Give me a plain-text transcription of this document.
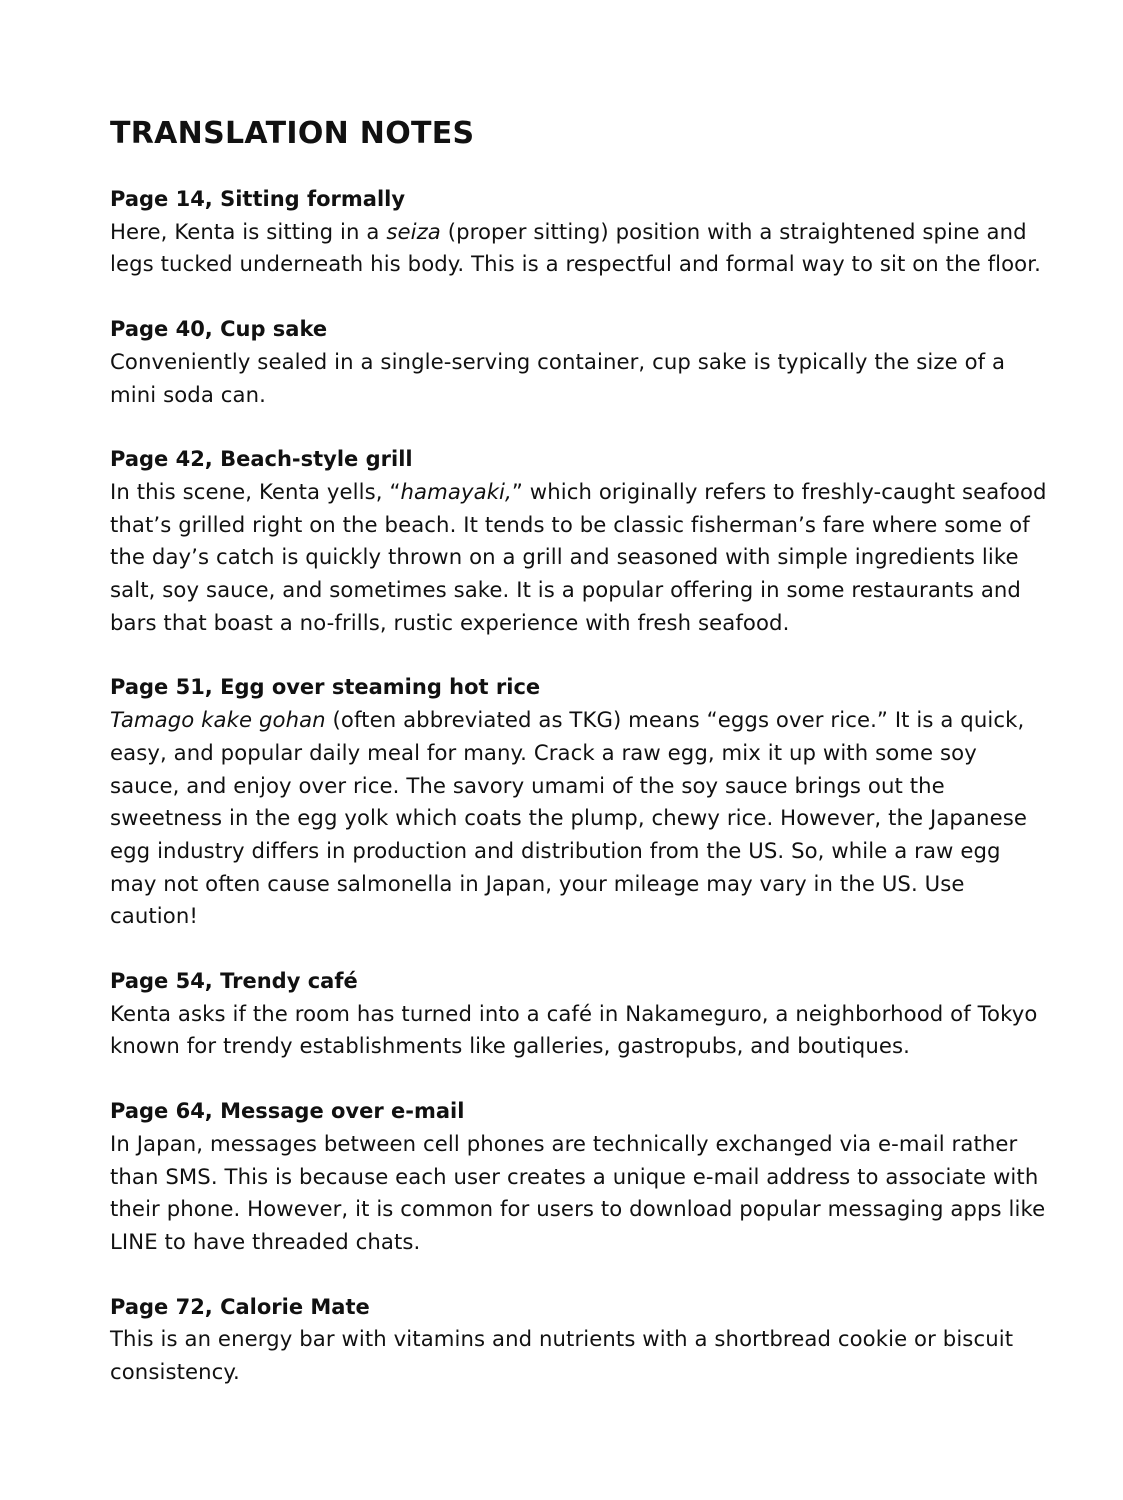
TRANSLATION NOTES

Page 14, Sitting formally

Here, Kenta is sitting in a seiza (proper sitting) position with a straightened spine and legs tucked underneath his body. This is a respectful and formal way to sit on the floor.

Page 40, Cup sake

Conveniently sealed in a single-serving container, cup sake is typically the size of a mini soda can.

Page 42, Beach-style grill

In this scene, Kenta yells, “hamayaki,” which originally refers to freshly-caught seafood that’s grilled right on the beach. It tends to be classic fisherman’s fare where some of the day’s catch is quickly thrown on a grill and seasoned with simple ingredients like salt, soy sauce, and sometimes sake. It is a popular offering in some restaurants and bars that boast a no-frills, rustic experience with fresh seafood.

Page 51, Egg over steaming hot rice

Tamago kake gohan (often abbreviated as TKG) means “eggs over rice.” It is a quick, easy, and popular daily meal for many. Crack a raw egg, mix it up with some soy sauce, and enjoy over rice. The savory umami of the soy sauce brings out the sweetness in the egg yolk which coats the plump, chewy rice. However, the Japanese egg industry differs in production and distribution from the US. So, while a raw egg may not often cause salmonella in Japan, your mileage may vary in the US. Use caution!

Page 54, Trendy café

Kenta asks if the room has turned into a café in Nakameguro, a neighborhood of Tokyo known for trendy establishments like galleries, gastropubs, and boutiques.

Page 64, Message over e-mail

In Japan, messages between cell phones are technically exchanged via e-mail rather than SMS. This is because each user creates a unique e-mail address to associate with their phone. However, it is common for users to download popular messaging apps like LINE to have threaded chats.

Page 72, Calorie Mate

This is an energy bar with vitamins and nutrients with a shortbread cookie or biscuit consistency.
